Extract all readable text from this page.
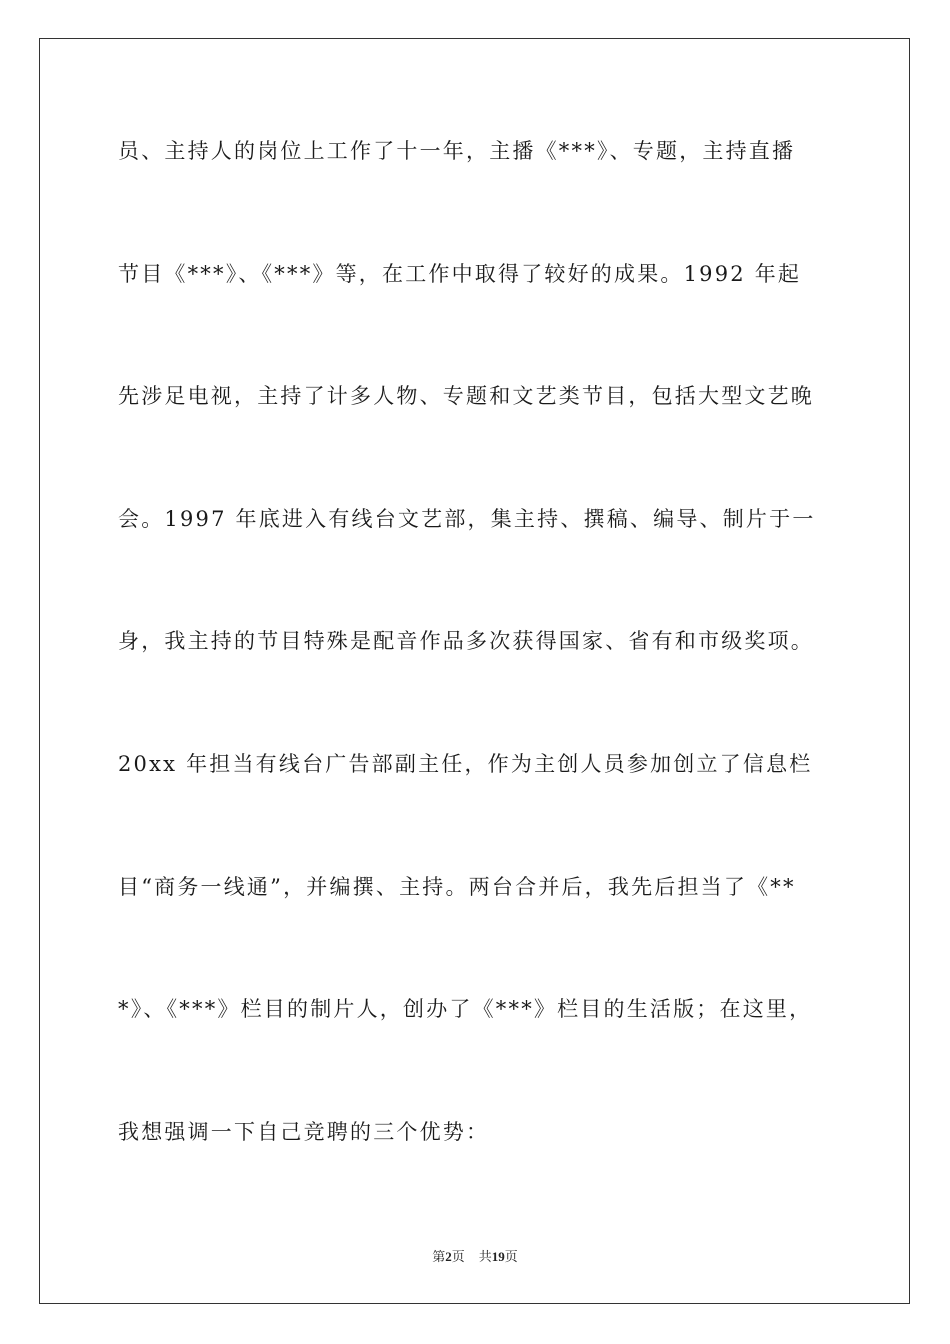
员、主持人的岗位上工作了十一年，主播《***》、专题，主持直播
节目《***》、《***》等，在工作中取得了较好的成果。1992 年起
先涉足电视，主持了计多人物、专题和文艺类节目，包括大型文艺晚
会。1997 年底进入有线台文艺部，集主持、撰稿、编导、制片于一
身，我主持的节目特殊是配音作品多次获得国家、省有和市级奖项。
20xx 年担当有线台广告部副主任，作为主创人员参加创立了信息栏
目“商务一线通”，并编撰、主持。两台合并后，我先后担当了《**
*》、《***》栏目的制片人，创办了《***》栏目的生活版；在这里，
我想强调一下自己竞聘的三个优势：
第2页 共19页
